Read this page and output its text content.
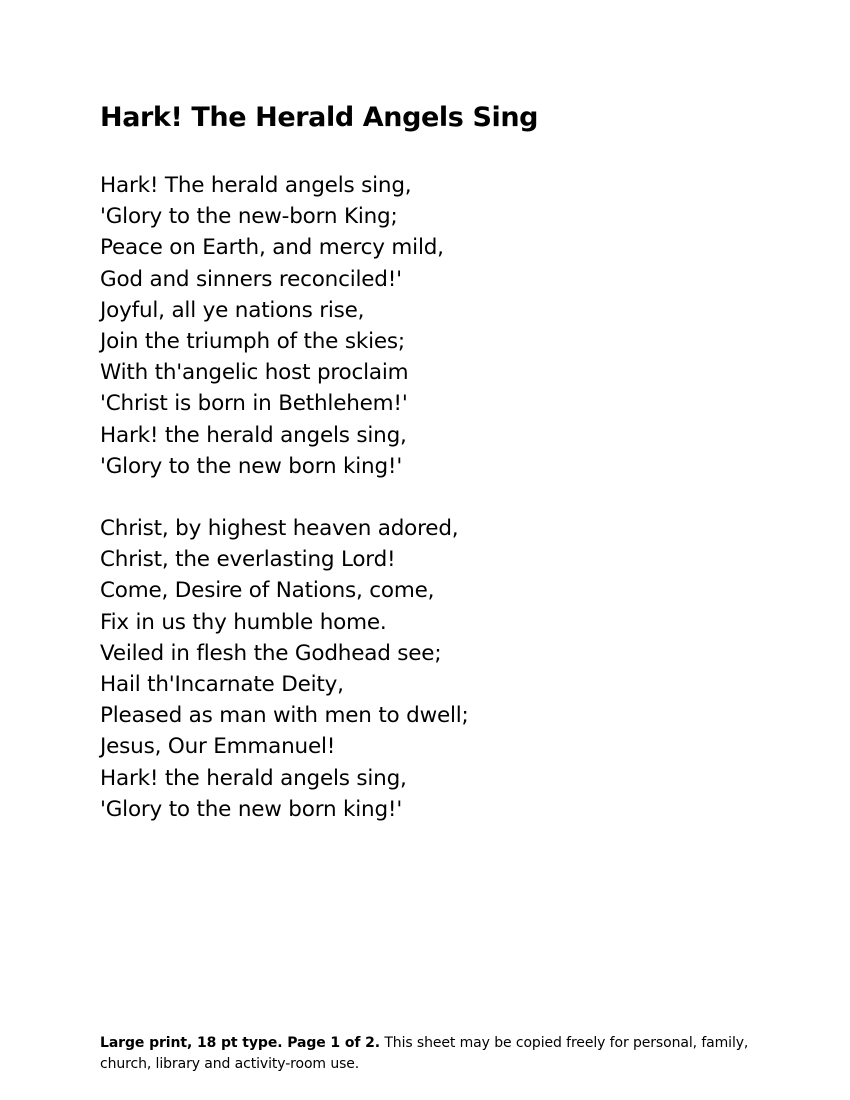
Hark! The Herald Angels Sing
Hark! The herald angels sing,
'Glory to the new-born King;
Peace on Earth, and mercy mild,
God and sinners reconciled!'
Joyful, all ye nations rise,
Join the triumph of the skies;
With th'angelic host proclaim
'Christ is born in Bethlehem!'
Hark! the herald angels sing,
'Glory to the new born king!'
Christ, by highest heaven adored,
Christ, the everlasting Lord!
Come, Desire of Nations, come,
Fix in us thy humble home.
Veiled in flesh the Godhead see;
Hail th'Incarnate Deity,
Pleased as man with men to dwell;
Jesus, Our Emmanuel!
Hark! the herald angels sing,
'Glory to the new born king!'

Large print, 18 pt type. Page 1 of 2. This sheet may be copied freely for personal, family, church, library and activity-room use.
